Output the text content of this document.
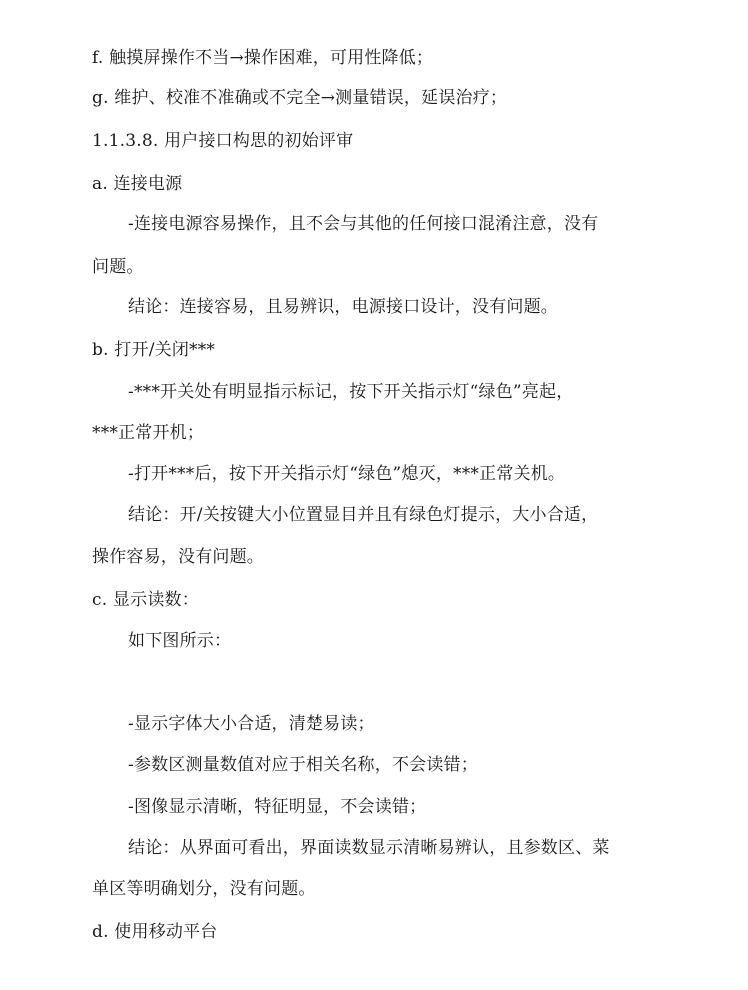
f. 触摸屏操作不当→操作困难，可用性降低；
g. 维护、校准不准确或不完全→测量错误，延误治疗；
1.1.3.8. 用户接口构思的初始评审
a. 连接电源
-连接电源容易操作，且不会与其他的任何接口混淆注意，没有
问题。
结论：连接容易，且易辨识，电源接口设计，没有问题。
b. 打开/关闭***
-***开关处有明显指示标记，按下开关指示灯“绿色”亮起，
***正常开机；
-打开***后，按下开关指示灯“绿色”熄灭，***正常关机。
结论：开/关按键大小位置显目并且有绿色灯提示，大小合适，
操作容易，没有问题。
c. 显示读数：
如下图所示：
-显示字体大小合适，清楚易读；
-参数区测量数值对应于相关名称，不会读错；
-图像显示清晰，特征明显，不会读错；
结论：从界面可看出，界面读数显示清晰易辨认，且参数区、菜
单区等明确划分，没有问题。
d. 使用移动平台
